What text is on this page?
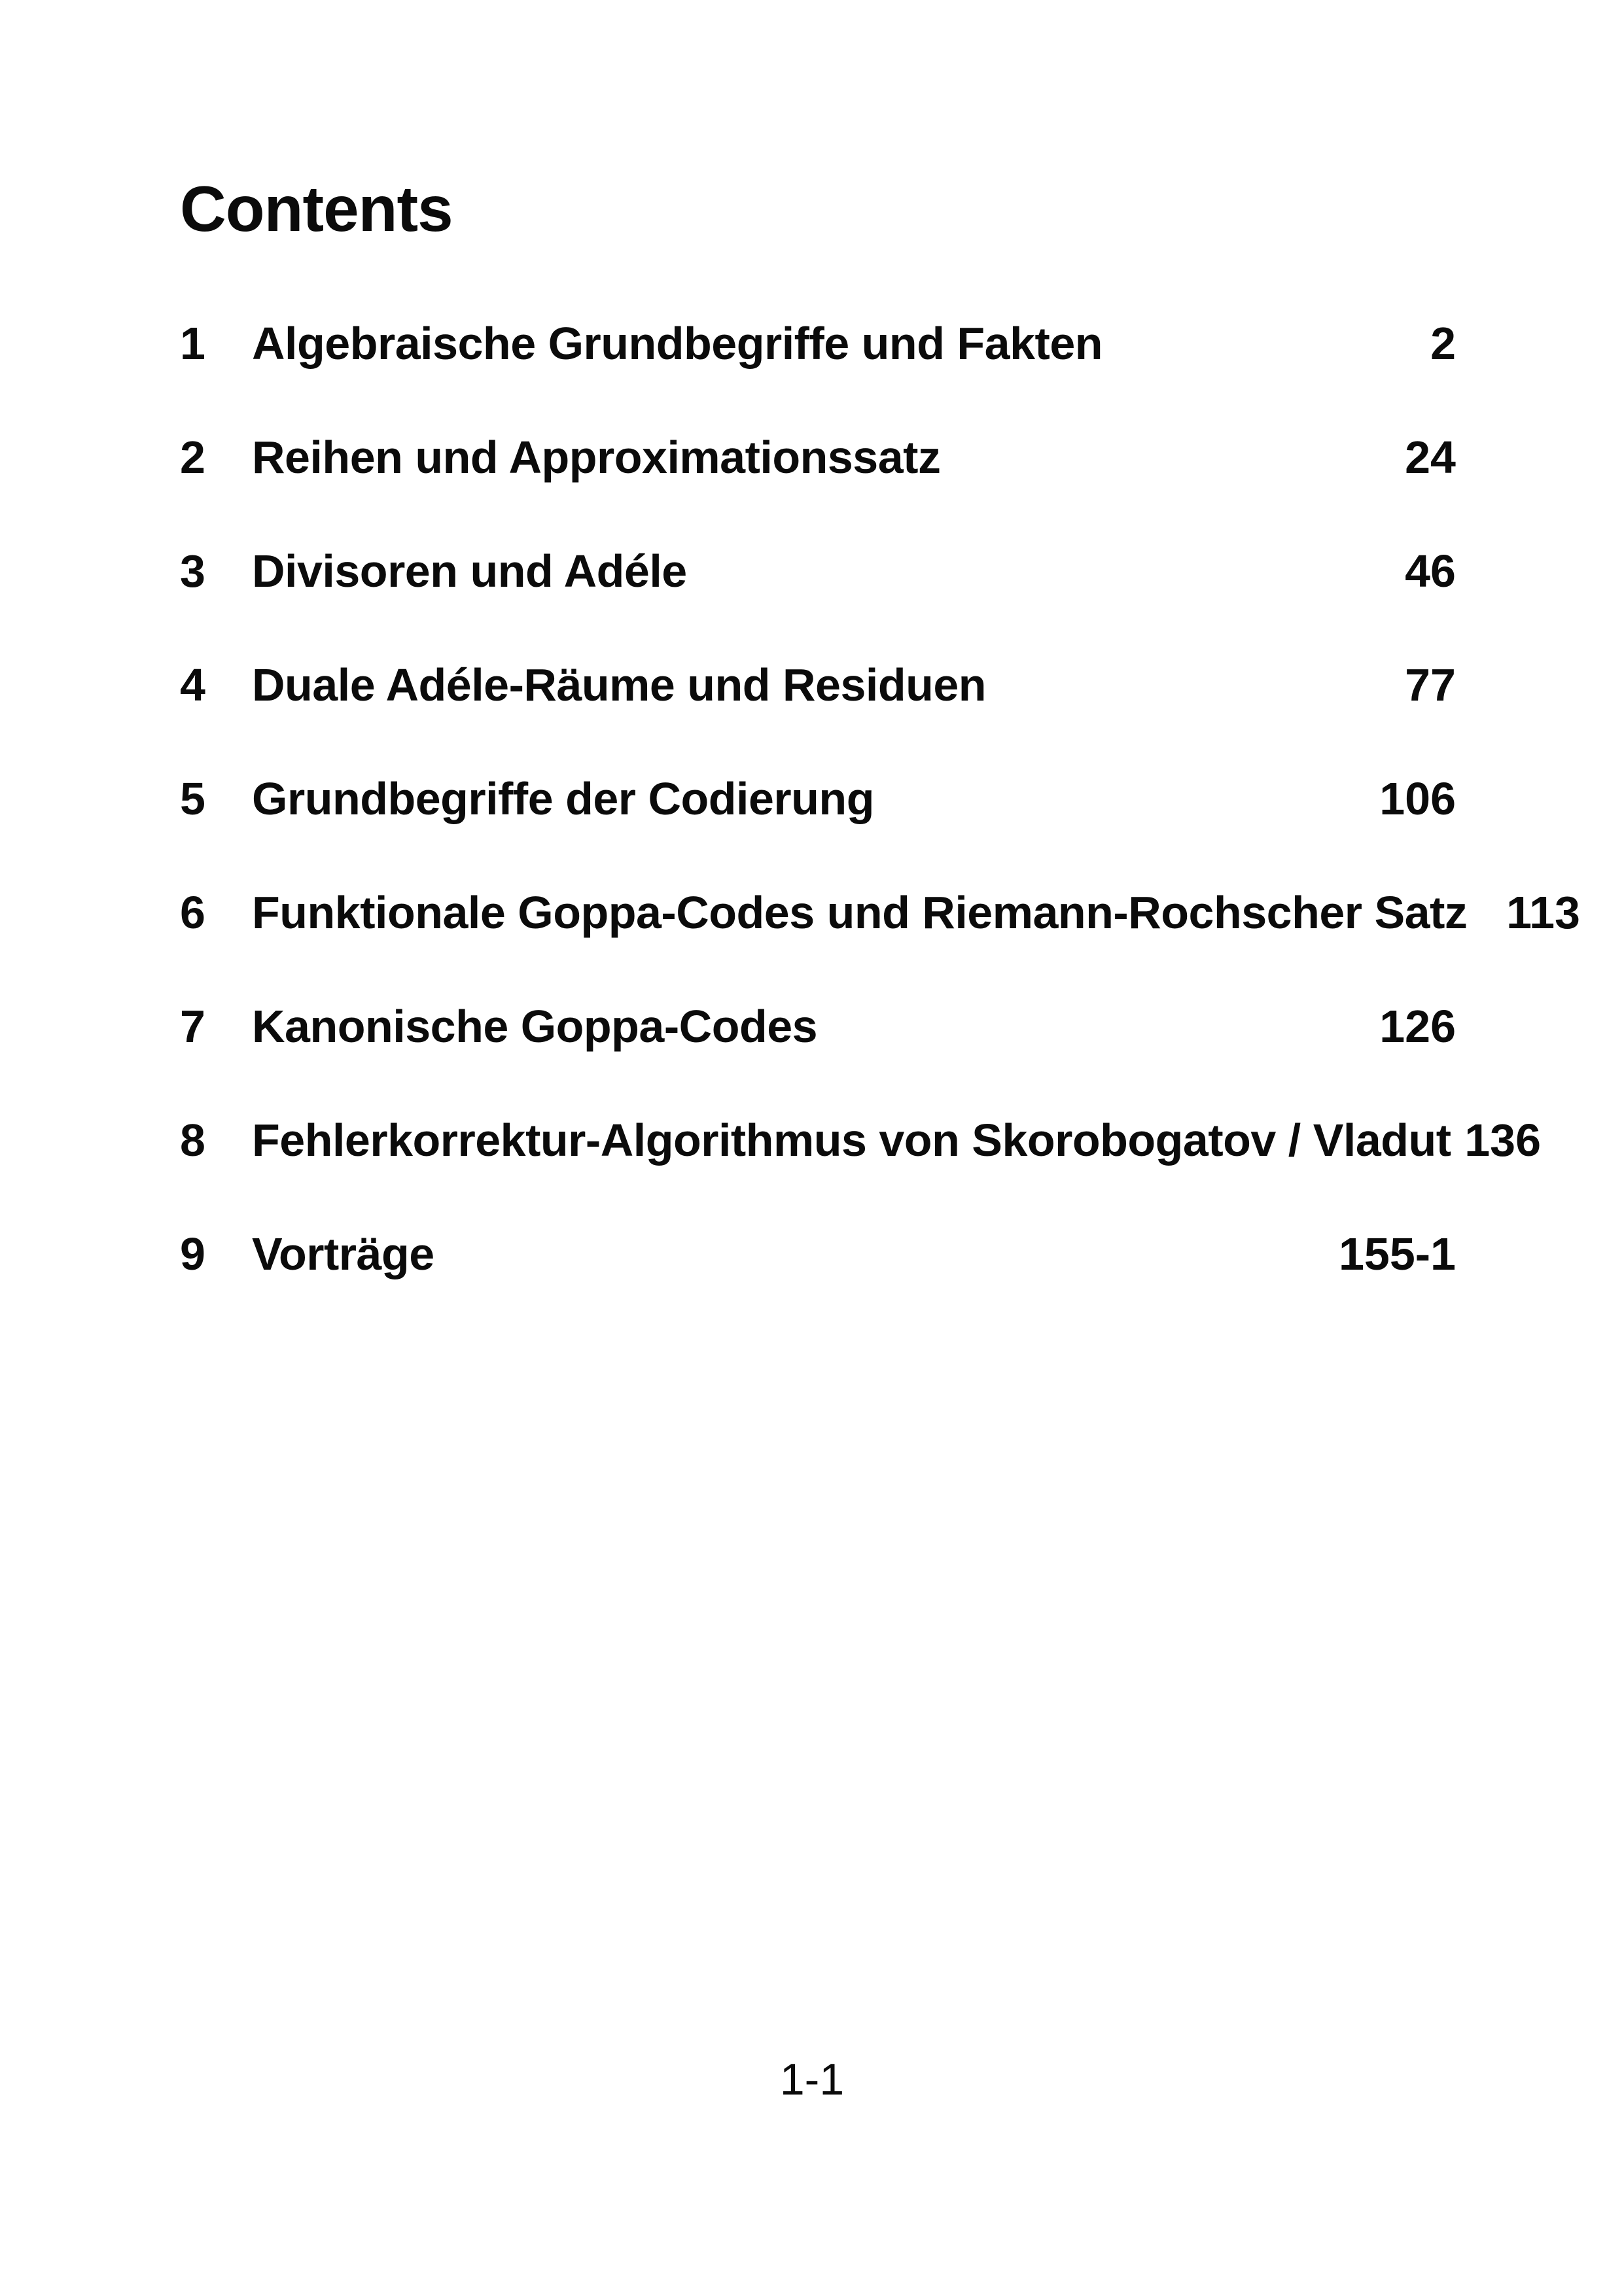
Contents
1 Algebraische Grundbegriffe und Fakten	2
2 Reihen und Approximationssatz	24
3 Divisoren und Adéle	46
4 Duale Adéle-Räume und Residuen	77
5 Grundbegriffe der Codierung	106
6 Funktionale Goppa-Codes und Riemann-Rochscher Satz 113
7 Kanonische Goppa-Codes	126
8 Fehlerkorrektur-Algorithmus von Skorobogatov / Vladut 136
9 Vorträge	155-1
1-1
